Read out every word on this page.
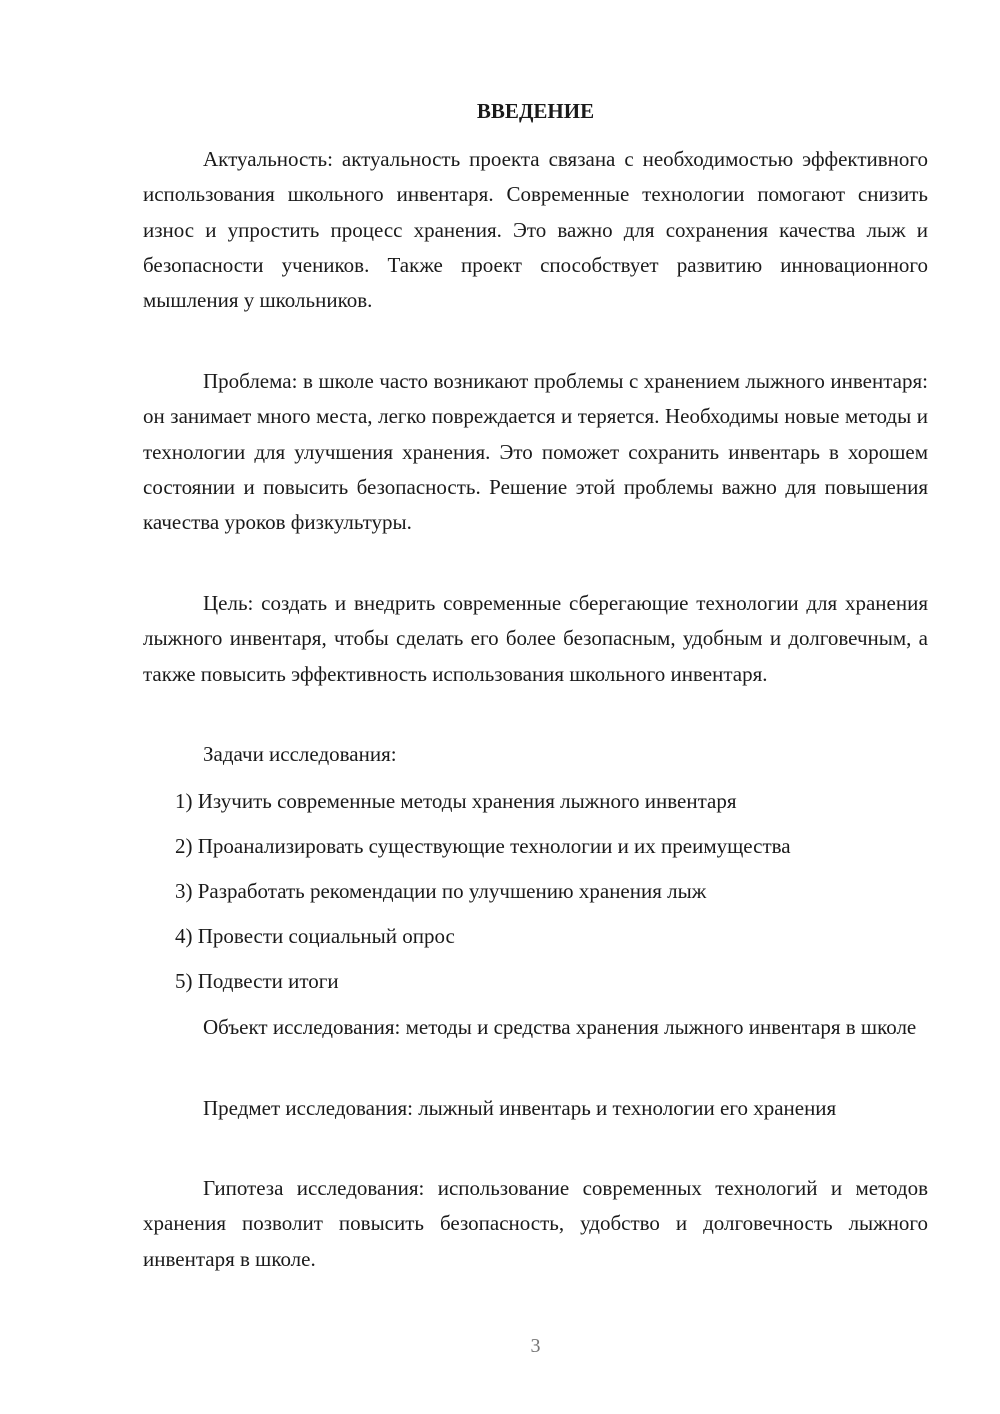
ВВЕДЕНИЕ

Актуальность: актуальность проекта связана с необходимостью эффективного использования школьного инвентаря. Современные технологии помогают снизить износ и упростить процесс хранения. Это важно для сохранения качества лыж и безопасности учеников. Также проект способствует развитию инновационного мышления у школьников.

Проблема: в школе часто возникают проблемы с хранением лыжного инвентаря: он занимает много места, легко повреждается и теряется. Необходимы новые методы и технологии для улучшения хранения. Это поможет сохранить инвентарь в хорошем состоянии и повысить безопасность. Решение этой проблемы важно для повышения качества уроков физкультуры.

Цель: создать и внедрить современные сберегающие технологии для хранения лыжного инвентаря, чтобы сделать его более безопасным, удобным и долговечным, а также повысить эффективность использования школьного инвентаря.

Задачи исследования:

1) Изучить современные методы хранения лыжного инвентаря

2) Проанализировать существующие технологии и их преимущества

3) Разработать рекомендации по улучшению хранения лыж

4) Провести социальный опрос

5) Подвести итоги

Объект исследования: методы и средства хранения лыжного инвентаря в школе

Предмет исследования: лыжный инвентарь и технологии его хранения

Гипотеза исследования: использование современных технологий и методов хранения позволит повысить безопасность, удобство и долговечность лыжного инвентаря в школе.

3
